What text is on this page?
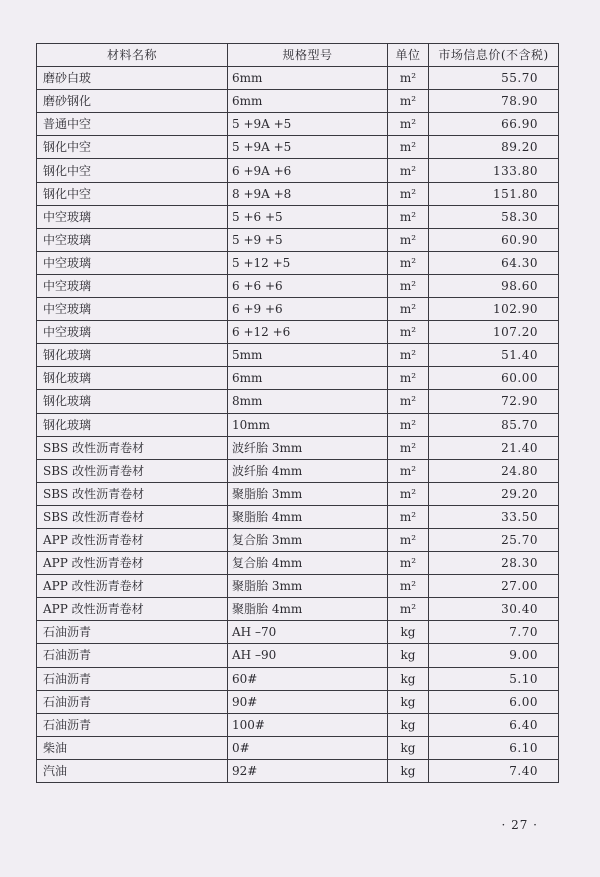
材料名称	规格型号	单位	市场信息价(不含税)
磨砂白玻	6mm	m²	55.70
磨砂钢化	6mm	m²	78.90
普通中空	5 +9A +5	m²	66.90
钢化中空	5 +9A +5	m²	89.20
钢化中空	6 +9A +6	m²	133.80
钢化中空	8 +9A +8	m²	151.80
中空玻璃	5 +6 +5	m²	58.30
中空玻璃	5 +9 +5	m²	60.90
中空玻璃	5 +12 +5	m²	64.30
中空玻璃	6 +6 +6	m²	98.60
中空玻璃	6 +9 +6	m²	102.90
中空玻璃	6 +12 +6	m²	107.20
钢化玻璃	5mm	m²	51.40
钢化玻璃	6mm	m²	60.00
钢化玻璃	8mm	m²	72.90
钢化玻璃	10mm	m²	85.70
SBS 改性沥青卷材	波纤胎 3mm	m²	21.40
SBS 改性沥青卷材	波纤胎 4mm	m²	24.80
SBS 改性沥青卷材	聚脂胎 3mm	m²	29.20
SBS 改性沥青卷材	聚脂胎 4mm	m²	33.50
APP 改性沥青卷材	复合胎 3mm	m²	25.70
APP 改性沥青卷材	复合胎 4mm	m²	28.30
APP 改性沥青卷材	聚脂胎 3mm	m²	27.00
APP 改性沥青卷材	聚脂胎 4mm	m²	30.40
石油沥青	AH –70	kg	7.70
石油沥青	AH –90	kg	9.00
石油沥青	60#	kg	5.10
石油沥青	90#	kg	6.00
石油沥青	100#	kg	6.40
柴油	0#	kg	6.10
汽油	92#	kg	7.40
· 27 ·
